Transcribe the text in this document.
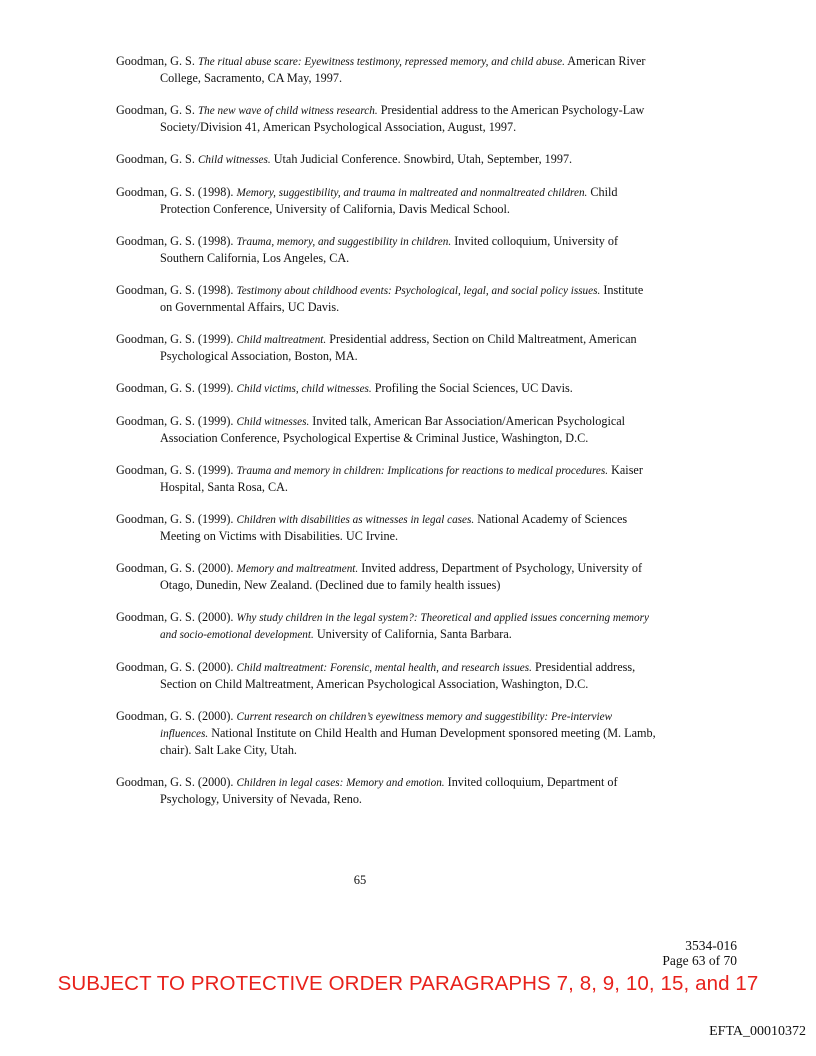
Goodman, G. S. The ritual abuse scare: Eyewitness testimony, repressed memory, and child abuse. American River College, Sacramento, CA May, 1997.

Goodman, G. S. The new wave of child witness research. Presidential address to the American Psychology-Law Society/Division 41, American Psychological Association, August, 1997.

Goodman, G. S. Child witnesses. Utah Judicial Conference. Snowbird, Utah, September, 1997.

Goodman, G. S. (1998). Memory, suggestibility, and trauma in maltreated and nonmaltreated children. Child Protection Conference, University of California, Davis Medical School.

Goodman, G. S. (1998). Trauma, memory, and suggestibility in children. Invited colloquium, University of Southern California, Los Angeles, CA.

Goodman, G. S. (1998). Testimony about childhood events: Psychological, legal, and social policy issues. Institute on Governmental Affairs, UC Davis.

Goodman, G. S. (1999). Child maltreatment. Presidential address, Section on Child Maltreatment, American Psychological Association, Boston, MA.

Goodman, G. S. (1999). Child victims, child witnesses. Profiling the Social Sciences, UC Davis.

Goodman, G. S. (1999). Child witnesses. Invited talk, American Bar Association/American Psychological Association Conference, Psychological Expertise & Criminal Justice, Washington, D.C.

Goodman, G. S. (1999). Trauma and memory in children: Implications for reactions to medical procedures. Kaiser Hospital, Santa Rosa, CA.

Goodman, G. S. (1999). Children with disabilities as witnesses in legal cases. National Academy of Sciences Meeting on Victims with Disabilities. UC Irvine.

Goodman, G. S. (2000). Memory and maltreatment. Invited address, Department of Psychology, University of Otago, Dunedin, New Zealand. (Declined due to family health issues)

Goodman, G. S. (2000). Why study children in the legal system?: Theoretical and applied issues concerning memory and socio-emotional development. University of California, Santa Barbara.

Goodman, G. S. (2000). Child maltreatment: Forensic, mental health, and research issues. Presidential address, Section on Child Maltreatment, American Psychological Association, Washington, D.C.

Goodman, G. S. (2000). Current research on children’s eyewitness memory and suggestibility: Pre-interview influences. National Institute on Child Health and Human Development sponsored meeting (M. Lamb, chair). Salt Lake City, Utah.

Goodman, G. S. (2000). Children in legal cases: Memory and emotion. Invited colloquium, Department of Psychology, University of Nevada, Reno.

65
3534-016
Page 63 of 70
SUBJECT TO PROTECTIVE ORDER PARAGRAPHS 7, 8, 9, 10, 15, and 17
EFTA_00010372
